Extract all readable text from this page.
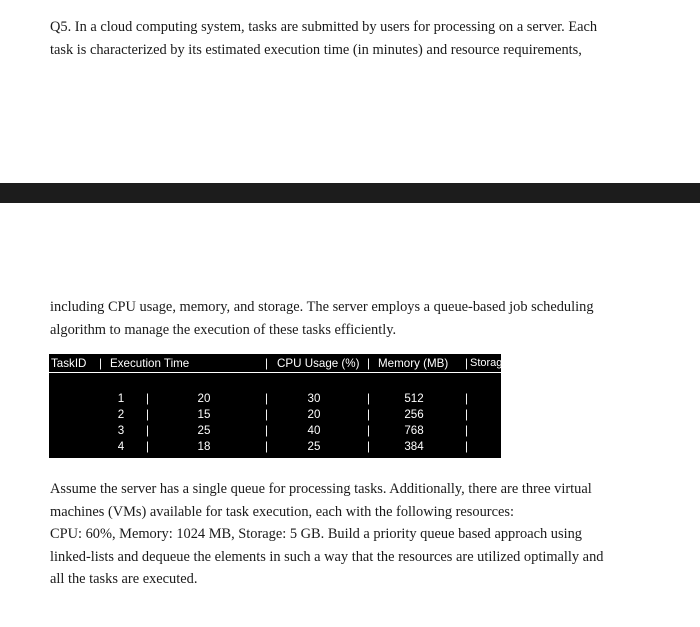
Q5. In a cloud computing system, tasks are submitted by users for processing on a server. Each
task is characterized by its estimated execution time (in minutes) and resource requirements,

including CPU usage, memory, and storage. The server employs a queue-based job scheduling
algorithm to manage the execution of these tasks efficiently.

TaskID | Execution Time	| CPU Usage (%) | Memory (MB) | Storage (GB)
1	|	20	|	30	|	512	|	2 |
2	|	15	|	20	|	256	|	1 |
3	|	25	|	40	|	768	|	3 |
4	|	18	|	25	|	384	|	2 |

Assume the server has a single queue for processing tasks. Additionally, there are three virtual
machines (VMs) available for task execution, each with the following resources:
CPU: 60%, Memory: 1024 MB, Storage: 5 GB. Build a priority queue based approach using
linked-lists and dequeue the elements in such a way that the resources are utilized optimally and
all the tasks are executed.
